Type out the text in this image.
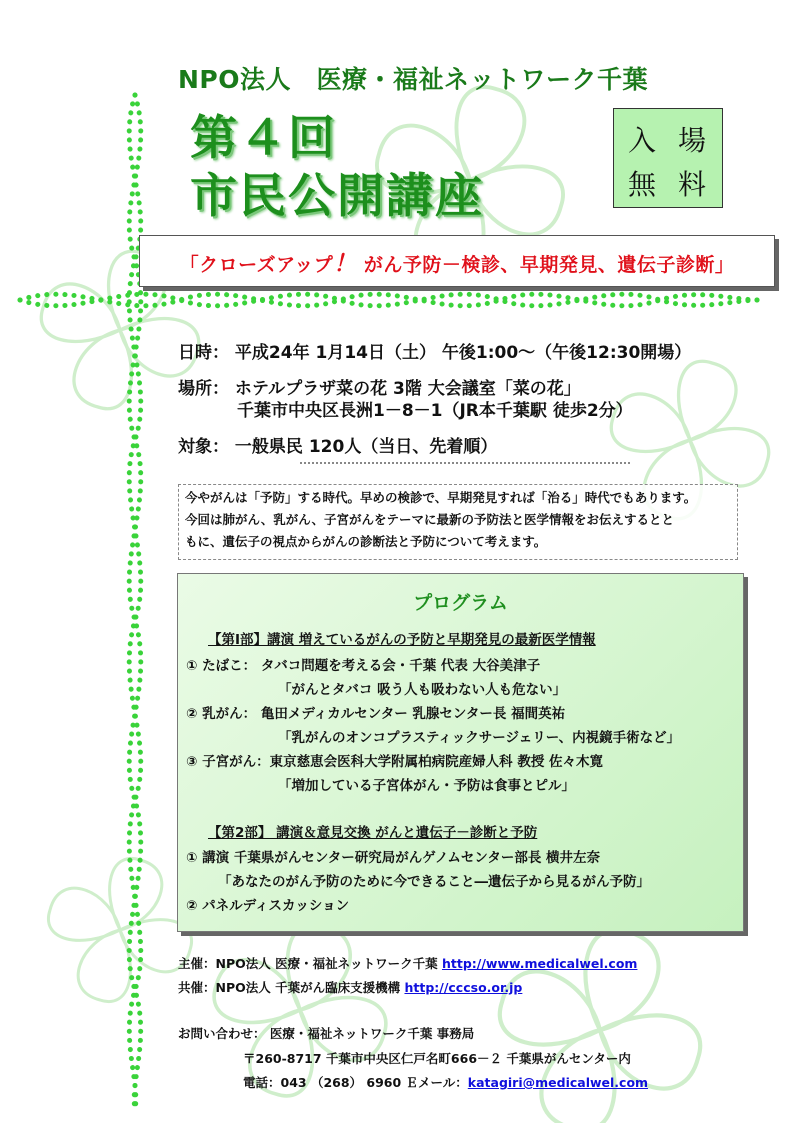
NPO法人　医療・福祉ネットワーク千葉
第４回
市民公開講座
入 場
無 料
「クローズアップ！ がん予防－検診、早期発見、遺伝子診断」
日時： 平成24年 1月14日（土） 午後1:00～（午後12:30開場）
場所： ホテルプラザ菜の花 3階 大会議室「菜の花」
千葉市中央区長洲1－8－1（JR本千葉駅 徒歩2分）
対象： 一般県民 120人（当日、先着順）
今やがんは「予防」する時代。早めの検診で、早期発見すれば「治る」時代でもあります。
今回は肺がん、乳がん、子宮がんをテーマに最新の予防法と医学情報をお伝えするとと
もに、遺伝子の視点からがんの診断法と予防について考えます。
プログラム
【第Ⅰ部】講演 増えているがんの予防と早期発見の最新医学情報
① たばこ： タバコ問題を考える会・千葉 代表 大谷美津子
「がんとタバコ 吸う人も吸わない人も危ない」
② 乳がん： 亀田メディカルセンター 乳腺センター長 福間英祐
「乳がんのオンコプラスティックサージェリー、内視鏡手術など」
③ 子宮がん：東京慈恵会医科大学附属柏病院産婦人科 教授 佐々木寛
「増加している子宮体がん・予防は食事とピル」
【第2部】 講演＆意見交換 がんと遺伝子－診断と予防
① 講演 千葉県がんセンター研究局がんゲノムセンター部長 横井左奈
「あなたのがん予防のために今できること―遺伝子から見るがん予防」
② パネルディスカッション
主催：NPO法人 医療・福祉ネットワーク千葉 http://www.medicalwel.com
共催：NPO法人 千葉がん臨床支援機構 http://cccso.or.jp
お問い合わせ： 医療・福祉ネットワーク千葉 事務局
〒260-8717 千葉市中央区仁戸名町666－２ 千葉県がんセンター内
電話：043 （268） 6960 Ｅメール：katagiri@medicalwel.com
